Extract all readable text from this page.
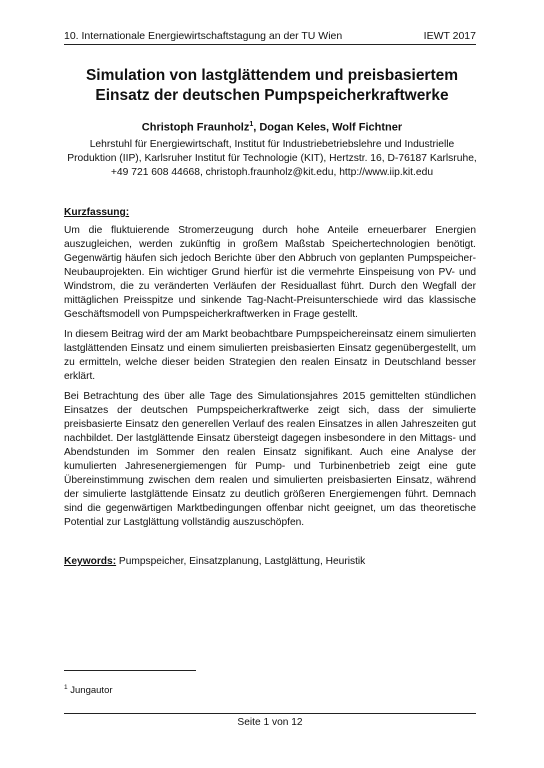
10. Internationale Energiewirtschaftstagung an der TU Wien	IEWT 2017
Simulation von lastglättendem und preisbasiertem
Einsatz der deutschen Pumpspeicherkraftwerke
Christoph Fraunholz$^1$, Dogan Keles, Wolf Fichtner
Lehrstuhl für Energiewirtschaft, Institut für Industriebetriebslehre und Industrielle
Produktion (IIP), Karlsruher Institut für Technologie (KIT), Hertzstr. 16, D-76187 Karlsruhe,
+49 721 608 44668, christoph.fraunholz@kit.edu, http://www.iip.kit.edu
Kurzfassung:

Um die fluktuierende Stromerzeugung durch hohe Anteile erneuerbarer Energien auszugleichen, werden zukünftig in großem Maßstab Speichertechnologien benötigt. Gegenwärtig häufen sich jedoch Berichte über den Abbruch von geplanten Pumpspeicher-Neubauprojekten. Ein wichtiger Grund hierfür ist die vermehrte Einspeisung von PV- und Windstrom, die zu veränderten Verläufen der Residuallast führt. Durch den Wegfall der mittäglichen Preisspitze und sinkende Tag-Nacht-Preisunterschiede wird das klassische Geschäftsmodell von Pumpspeicherkraftwerken in Frage gestellt.

In diesem Beitrag wird der am Markt beobachtbare Pumpspeichereinsatz einem simulierten lastglättenden Einsatz und einem simulierten preisbasierten Einsatz gegenübergestellt, um zu ermitteln, welche dieser beiden Strategien den realen Einsatz in Deutschland besser erklärt.

Bei Betrachtung des über alle Tage des Simulationsjahres 2015 gemittelten stündlichen Einsatzes der deutschen Pumpspeicherkraftwerke zeigt sich, dass der simulierte preisbasierte Einsatz den generellen Verlauf des realen Einsatzes in allen Jahreszeiten gut nachbildet. Der lastglättende Einsatz übersteigt dagegen insbesondere in den Mittags- und Abendstunden im Sommer den realen Einsatz signifikant. Auch eine Analyse der kumulierten Jahresenergiemengen für Pump- und Turbinenbetrieb zeigt eine gute Übereinstimmung zwischen dem realen und simulierten preisbasierten Einsatz, während der simulierte lastglättende Einsatz zu deutlich größeren Energiemengen führt. Demnach sind die gegenwärtigen Marktbedingungen offenbar nicht geeignet, um das theoretische Potential zur Lastglättung vollständig auszuschöpfen.

Keywords: Pumpspeicher, Einsatzplanung, Lastglättung, Heuristik
$^1$ Jungautor
Seite 1 von 12
